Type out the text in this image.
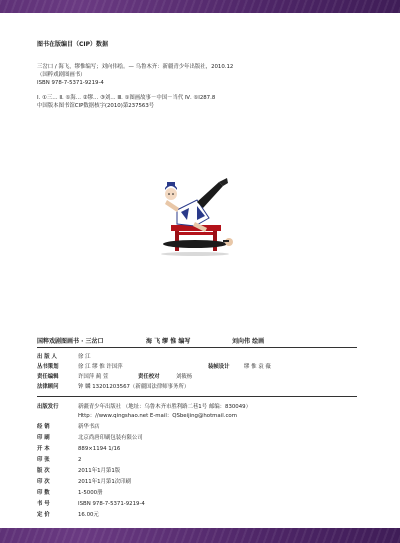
图书在版编目（CIP）数据
三岔口 / 海飞，缪惟编写；刘向伟绘。— 乌鲁木齐：新疆青少年出版社，2010.12
（国粹戏剧图画书）
ISBN 978-7-5371-9219-4
Ⅰ. ①三… Ⅱ. ①海… ②缪… ③刘… Ⅲ. ①图画故事－中国－当代 Ⅳ. ①I287.8
中国版本图书馆CIP数据核字(2010)第237563号
国粹戏剧图画书 · 三岔口	海 飞 缪 惟 编写	刘向伟 绘画
出 版 人	徐 江
丛书策划	徐 江 缪 惟 许国萍	装帧设计	缪 惟 袁 薇
责任编辑	许国萍 蔺 萱	责任校对	刘筱杨
法律顾问	钟 麟 13201203567（新疆国法律师事务所）
出版发行	新疆青少年出版社 （地址：乌鲁木齐市胜利路二巷1号 邮编：830049）
Http：//www.qingshao.net E-mail：QSbeijing@hotmail.com
经 销	新华书店
印 刷	北京尚唐印刷包装有限公司
开 本	889×1194 1/16
印 张	2
版 次	2011年1月第1版
印 次	2011年1月第1次印刷
印 数	1-5000册
书 号	ISBN 978-7-5371-9219-4
定 价	16.00元
